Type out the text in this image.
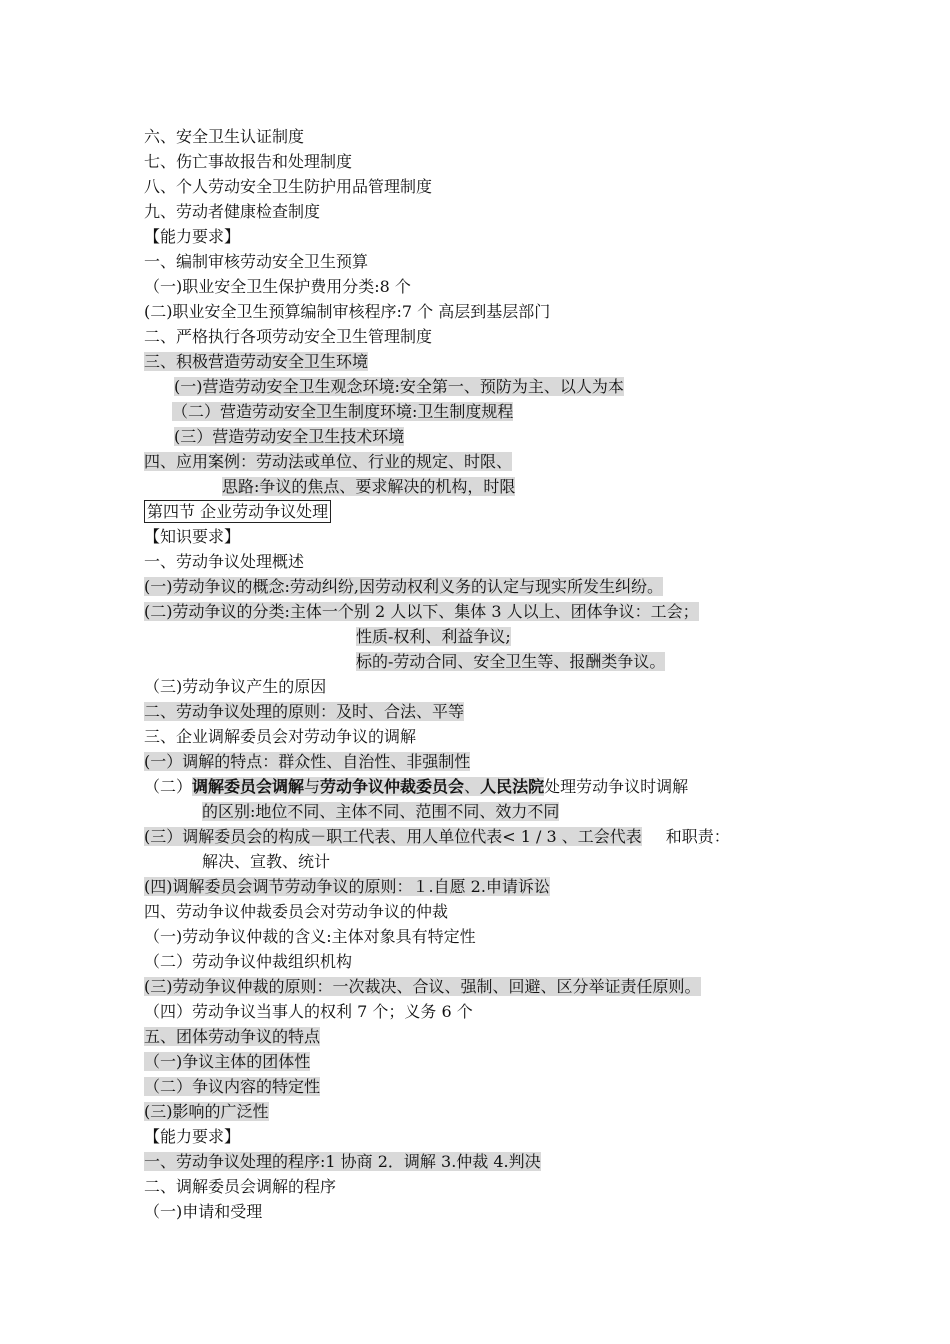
六、安全卫生认证制度
七、伤亡事故报告和处理制度
八、个人劳动安全卫生防护用品管理制度
九、劳动者健康检查制度
【能力要求】
一、编制审核劳动安全卫生预算
（一)职业安全卫生保护费用分类:8 个
(二)职业安全卫生预算编制审核程序:7 个 高层到基层部门
二、严格执行各项劳动安全卫生管理制度
三、积极营造劳动安全卫生环境
(一)营造劳动安全卫生观念环境:安全第一、预防为主、以人为本
（二）营造劳动安全卫生制度环境:卫生制度规程
(三）营造劳动安全卫生技术环境
四、应用案例：劳动法或单位、行业的规定、时限、
思路:争议的焦点、要求解决的机构，时限
第四节 企业劳动争议处理
【知识要求】
一、劳动争议处理概述
(一)劳动争议的概念:劳动纠纷,因劳动权利义务的认定与现实所发生纠纷。
(二)劳动争议的分类:主体一个别 2 人以下、集体 3 人以上、团体争议：工会；
性质-权利、利益争议;
标的-劳动合同、安全卫生等、报酬类争议。
（三)劳动争议产生的原因
二、劳动争议处理的原则：及时、合法、平等
三、企业调解委员会对劳动争议的调解
(一）调解的特点：群众性、自治性、非强制性
（二）调解委员会调解与劳动争议仲裁委员会、人民法院处理劳动争议时调解
的区别:地位不同、主体不同、范围不同、效力不同
(三）调解委员会的构成－职工代表、用人单位代表< 1 / 3 、工会代表 和职责：
解决、宣教、统计
(四)调解委员会调节劳动争议的原则：１.自愿 2.申请诉讼
四、劳动争议仲裁委员会对劳动争议的仲裁
（一)劳动争议仲裁的含义:主体对象具有特定性
（二）劳动争议仲裁组织机构
(三)劳动争议仲裁的原则：一次裁决、合议、强制、回避、区分举证责任原则。
（四）劳动争议当事人的权利 7 个；义务 6 个
五、团体劳动争议的特点
（一)争议主体的团体性
（二）争议内容的特定性
(三)影响的广泛性
【能力要求】
一、劳动争议处理的程序:1 协商 2．调解 3.仲裁 4.判决
二、调解委员会调解的程序
（一)申请和受理
